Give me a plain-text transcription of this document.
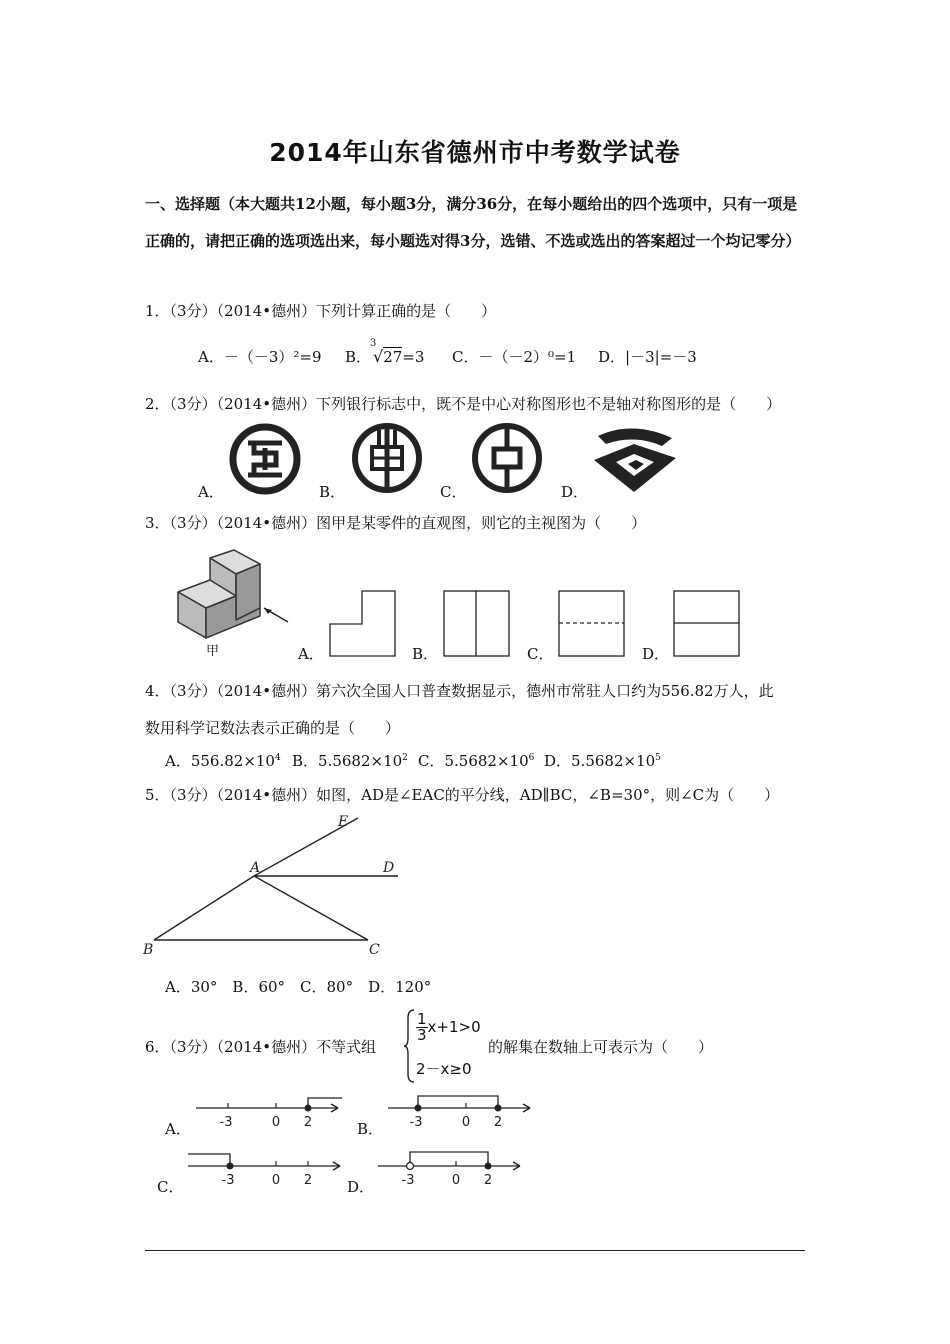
2014年山东省德州市中考数学试卷
一、选择题（本大题共12小题，每小题3分，满分36分，在每小题给出的四个选项中，只有一项是正确的，请把正确的选项选出来，每小题选对得3分，选错、不选或选出的答案超过一个均记零分）
1．（3分）（2014•德州）下列计算正确的是（　　）
A．－（－3）²=9 B．
3
√27=3 C．－（－2）⁰=1 D．|－3|=－3
2．（3分）（2014•德州）下列银行标志中，既不是中心对称图形也不是轴对称图形的是（　　）
A．	B．	C．	D．
3．（3分）（2014•德州）图甲是某零件的直观图，则它的主视图为（　　）
甲	A．	B．	C．	D．
4．（3分）（2014•德州）第六次全国人口普查数据显示，德州市常驻人口约为556.82万人，此
数用科学记数法表示正确的是（　　）
A．$556.82\times 10^4$ B．$5.5682\times 10^2$ C．$5.5682\times 10^6$ D．$5.5682\times 10^5$
5．（3分）（2014•德州）如图，AD是∠EAC的平分线，AD∥BC，∠B=30°，则∠C为（　　）
E
A	D
B	C
A．30°　B．60°　C．80°　D．120°
6．（3分）（2014•德州）不等式组
$\frac{1}{3} x+1>0$
2－x≥0
的解集在数轴上可表示为（　　）
A． -3	0 2	B． -3	0 2
C．	-3	0 2 D． -3	0 2
